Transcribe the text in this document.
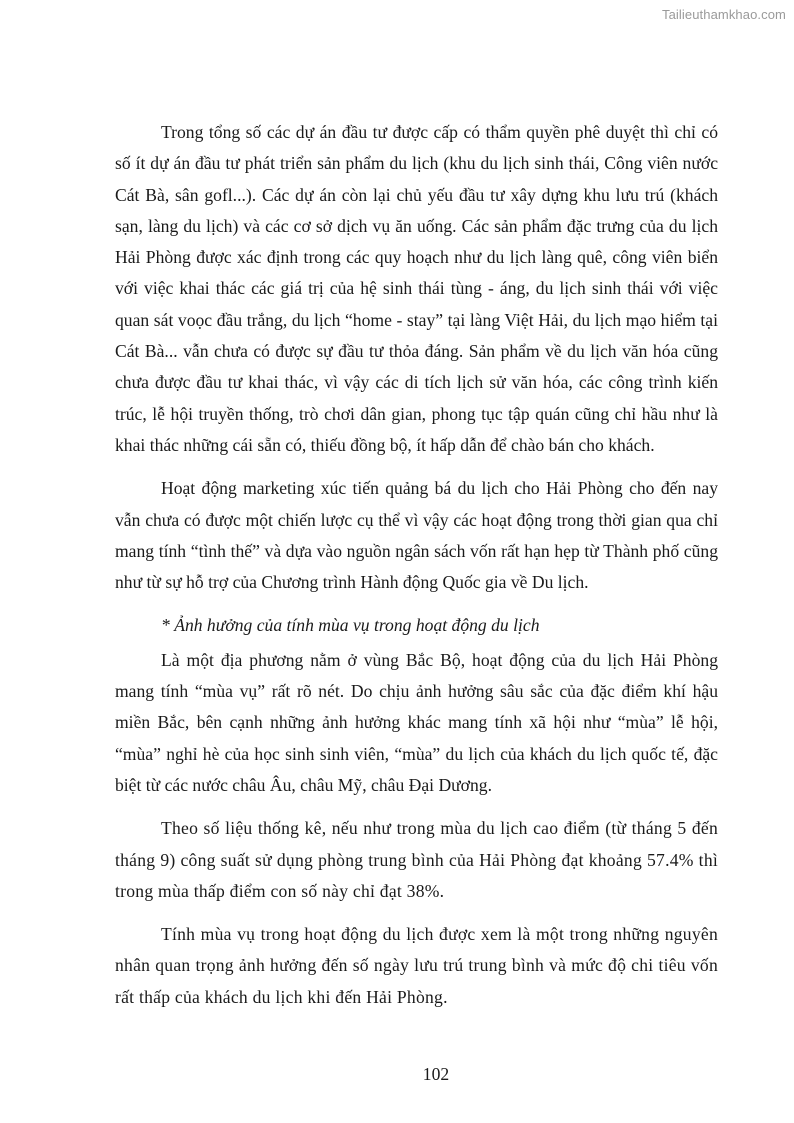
Tailieuthamkhao.com

Trong tổng số các dự án đầu tư được cấp có thẩm quyền phê duyệt thì chỉ có số ít dự án đầu tư phát triển sản phẩm du lịch (khu du lịch sinh thái, Công viên nước Cát Bà, sân gofl...). Các dự án còn lại chủ yếu đầu tư xây dựng khu lưu trú (khách sạn, làng du lịch) và các cơ sở dịch vụ ăn uống. Các sản phẩm đặc trưng của du lịch Hải Phòng được xác định trong các quy hoạch như du lịch làng quê, công viên biển với việc khai thác các giá trị của hệ sinh thái tùng - áng, du lịch sinh thái với việc quan sát voọc đầu trắng, du lịch “home - stay” tại làng Việt Hải, du lịch mạo hiểm tại Cát Bà... vẫn chưa có được sự đầu tư thỏa đáng. Sản phẩm về du lịch văn hóa cũng chưa được đầu tư khai thác, vì vậy các di tích lịch sử văn hóa, các công trình kiến trúc, lễ hội truyền thống, trò chơi dân gian, phong tục tập quán cũng chỉ hầu như là khai thác những cái sẵn có, thiếu đồng bộ, ít hấp dẫn để chào bán cho khách.

Hoạt động marketing xúc tiến quảng bá du lịch cho Hải Phòng cho đến nay vẫn chưa có được một chiến lược cụ thể vì vậy các hoạt động trong thời gian qua chỉ mang tính “tình thế” và dựa vào nguồn ngân sách vốn rất hạn hẹp từ Thành phố cũng như từ sự hỗ trợ của Chương trình Hành động Quốc gia về Du lịch.

* Ảnh hưởng của tính mùa vụ trong hoạt động du lịch

Là một địa phương nằm ở vùng Bắc Bộ, hoạt động của du lịch Hải Phòng mang tính “mùa vụ” rất rõ nét. Do chịu ảnh hưởng sâu sắc của đặc điểm khí hậu miền Bắc, bên cạnh những ảnh hưởng khác mang tính xã hội như “mùa” lễ hội, “mùa” nghỉ hè của học sinh sinh viên, “mùa” du lịch của khách du lịch quốc tế, đặc biệt từ các nước châu Âu, châu Mỹ, châu Đại Dương.

Theo số liệu thống kê, nếu như trong mùa du lịch cao điểm (từ tháng 5 đến tháng 9) công suất sử dụng phòng trung bình của Hải Phòng đạt khoảng 57.4% thì trong mùa thấp điểm con số này chỉ đạt 38%.

Tính mùa vụ trong hoạt động du lịch được xem là một trong những nguyên nhân quan trọng ảnh hưởng đến số ngày lưu trú trung bình và mức độ chi tiêu vốn rất thấp của khách du lịch khi đến Hải Phòng.

102
